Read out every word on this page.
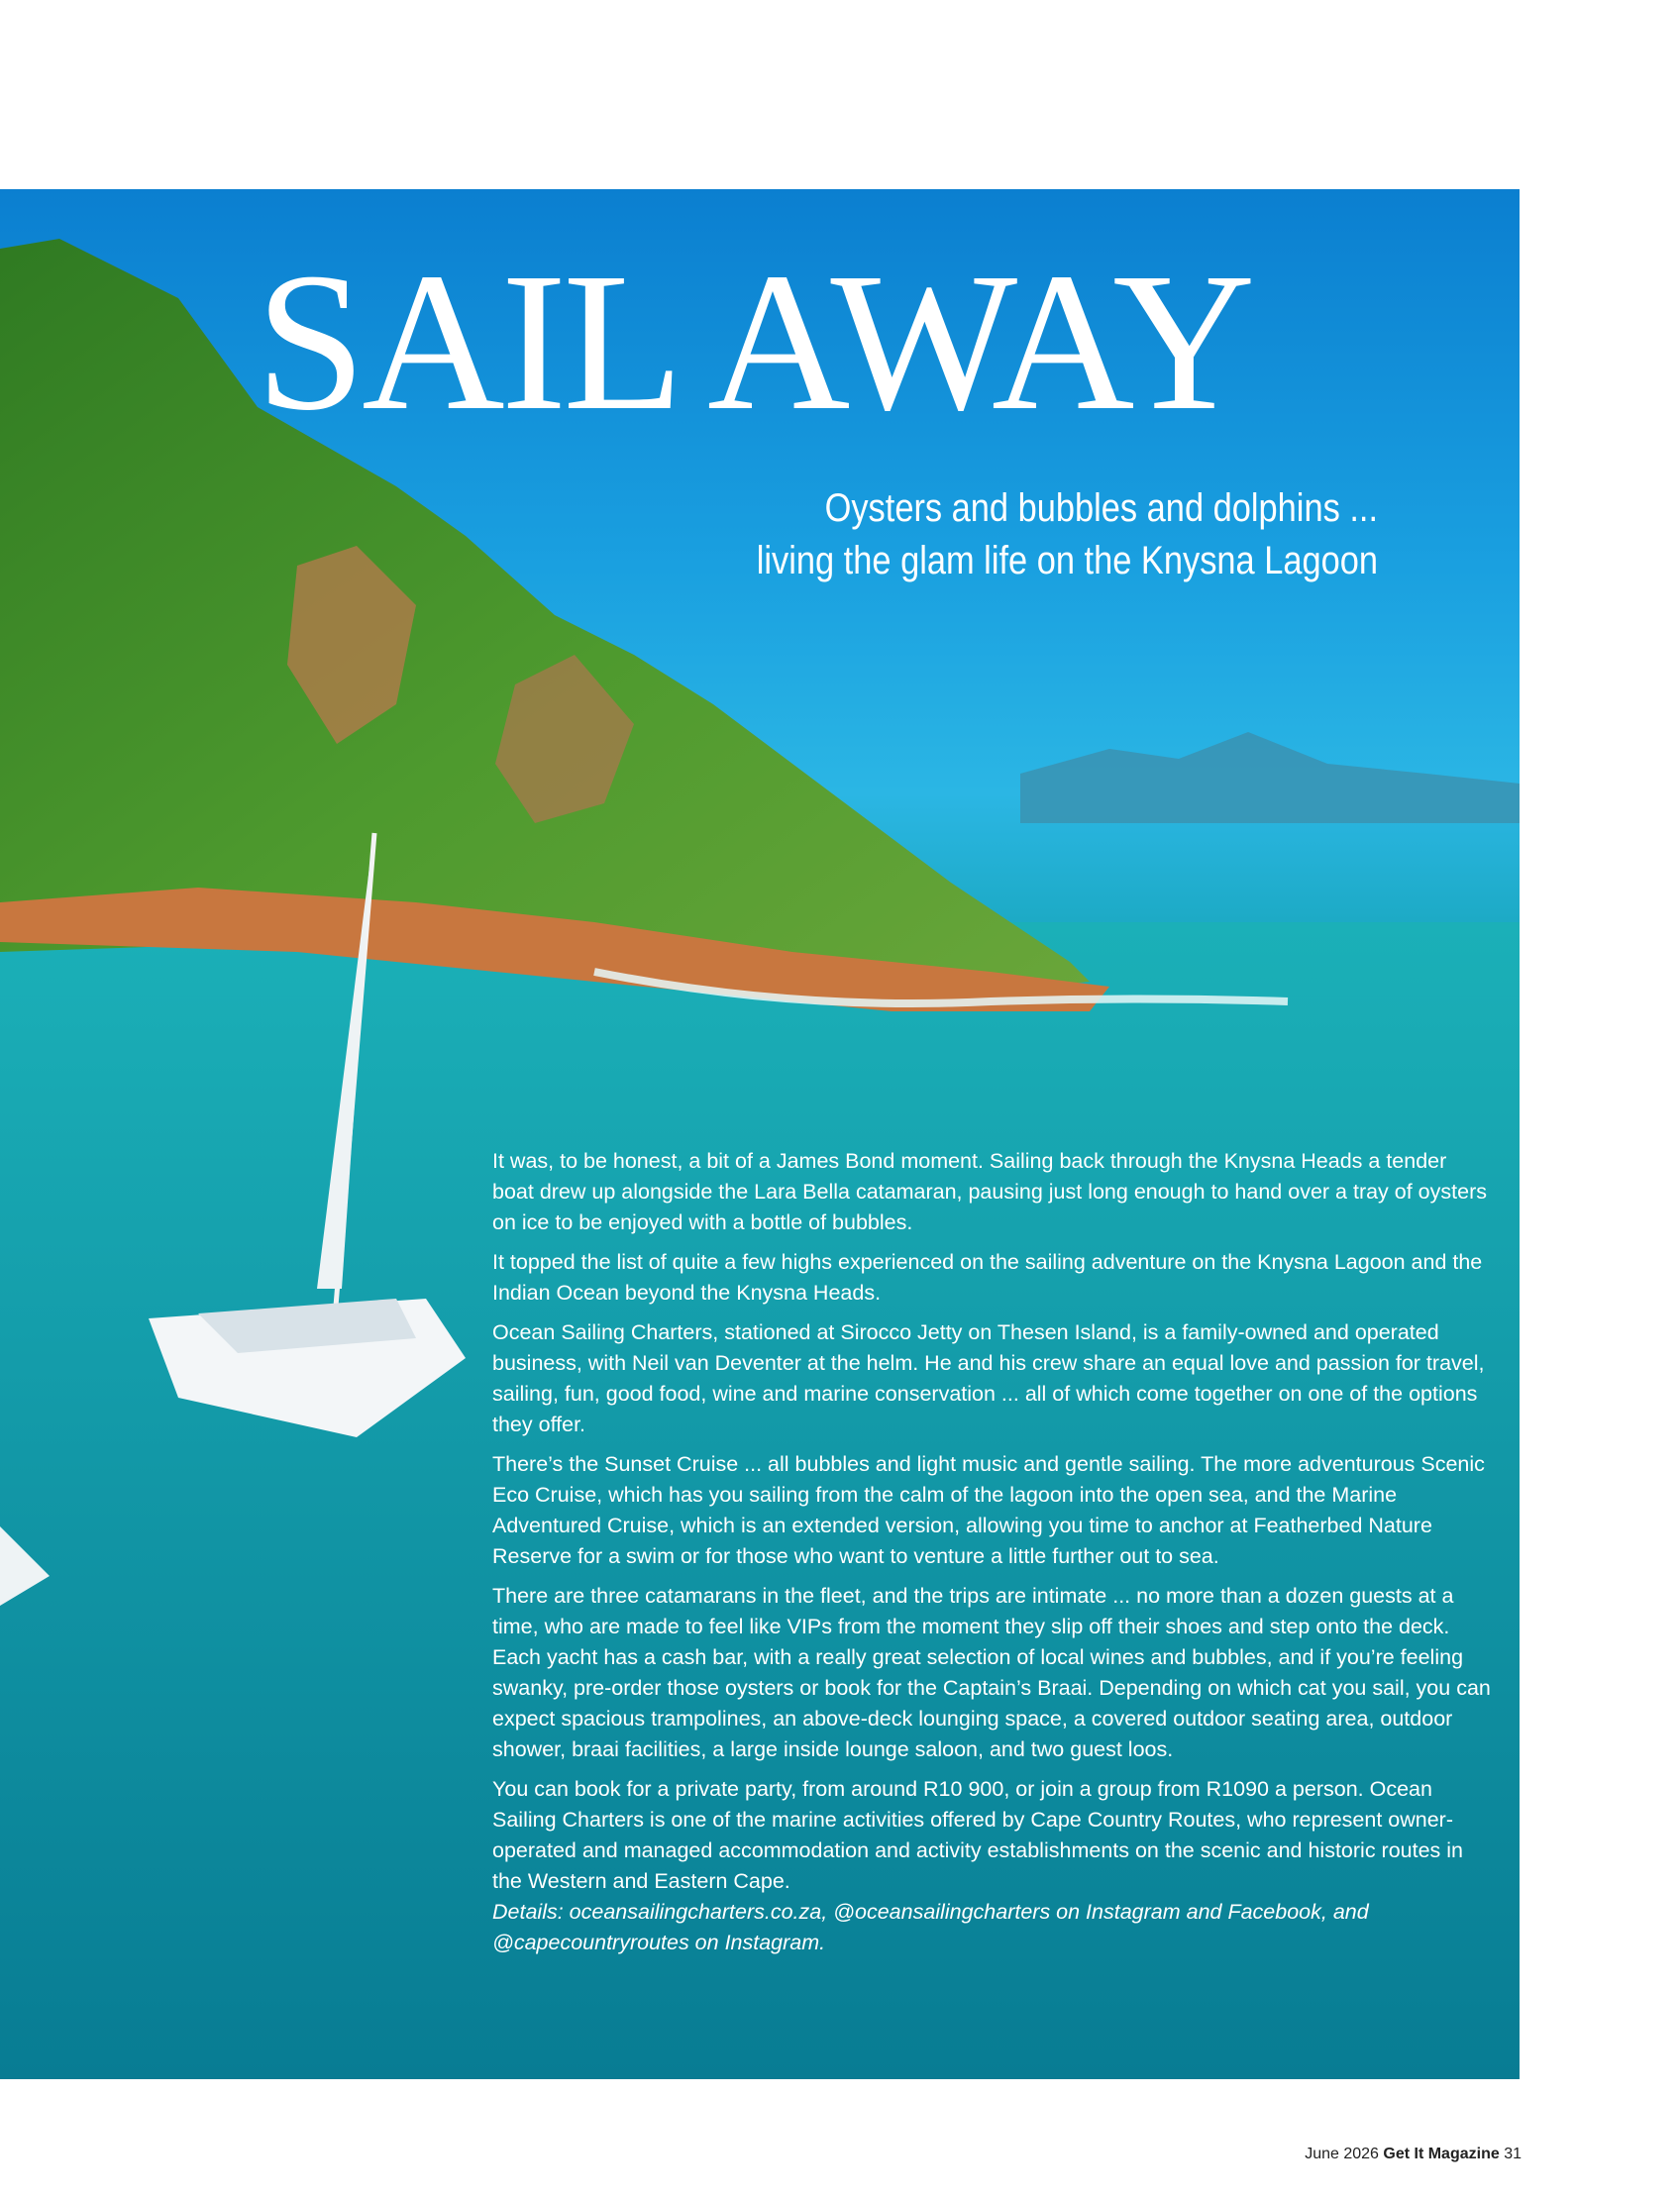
SAIL AWAY
Oysters and bubbles and dolphins ...
living the glam life on the Knysna Lagoon

It was, to be honest, a bit of a James Bond moment. Sailing back through the Knysna Heads a tender boat drew up alongside the Lara Bella catamaran, pausing just long enough to hand over a tray of oysters on ice to be enjoyed with a bottle of bubbles.

It topped the list of quite a few highs experienced on the sailing adventure on the Knysna Lagoon and the Indian Ocean beyond the Knysna Heads.

Ocean Sailing Charters, stationed at Sirocco Jetty on Thesen Island, is a family-owned and operated business, with Neil van Deventer at the helm. He and his crew share an equal love and passion for travel, sailing, fun, good food, wine and marine conservation ... all of which come together on one of the options they offer.

There’s the Sunset Cruise ... all bubbles and light music and gentle sailing. The more adventurous Scenic Eco Cruise, which has you sailing from the calm of the lagoon into the open sea, and the Marine Adventured Cruise, which is an extended version, allowing you time to anchor at Featherbed Nature Reserve for a swim or for those who want to venture a little further out to sea.

There are three catamarans in the fleet, and the trips are intimate ... no more than a dozen guests at a time, who are made to feel like VIPs from the moment they slip off their shoes and step onto the deck. Each yacht has a cash bar, with a really great selection of local wines and bubbles, and if you’re feeling swanky, pre-order those oysters or book for the Captain’s Braai. Depending on which cat you sail, you can expect spacious trampolines, an above-deck lounging space, a covered outdoor seating area, outdoor shower, braai facilities, a large inside lounge saloon, and two guest loos.

You can book for a private party, from around R10 900, or join a group from R1090 a person. Ocean Sailing Charters is one of the marine activities offered by Cape Country Routes, who represent owner-operated and managed accommodation and activity establishments on the scenic and historic routes in the Western and Eastern Cape.

Details: oceansailingcharters.co.za, @oceansailingcharters on Instagram and Facebook, and @capecountryroutes on Instagram.

June 2026 Get It Magazine 31
